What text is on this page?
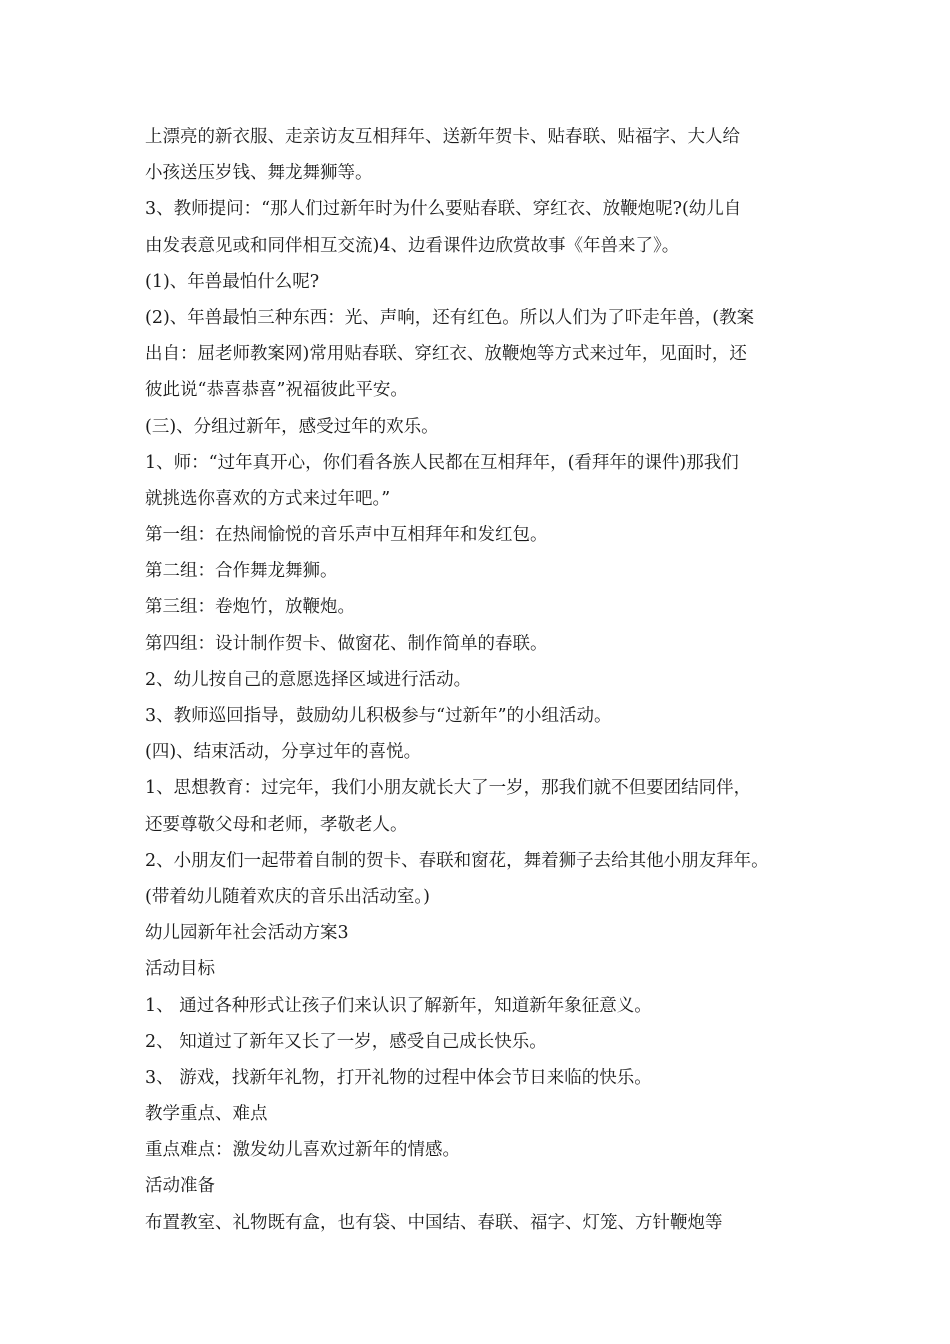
上漂亮的新衣服、走亲访友互相拜年、送新年贺卡、贴春联、贴福字、大人给
小孩送压岁钱、舞龙舞狮等。
3、教师提问：“那人们过新年时为什么要贴春联、穿红衣、放鞭炮呢?(幼儿自
由发表意见或和同伴相互交流)4、边看课件边欣赏故事《年兽来了》。
(1)、年兽最怕什么呢?
(2)、年兽最怕三种东西：光、声响，还有红色。所以人们为了吓走年兽，(教案
出自：屈老师教案网)常用贴春联、穿红衣、放鞭炮等方式来过年，见面时，还
彼此说“恭喜恭喜”祝福彼此平安。
(三)、分组过新年，感受过年的欢乐。
1、师：“过年真开心，你们看各族人民都在互相拜年，(看拜年的课件)那我们
就挑选你喜欢的方式来过年吧。”
第一组：在热闹愉悦的音乐声中互相拜年和发红包。
第二组：合作舞龙舞狮。
第三组：卷炮竹，放鞭炮。
第四组：设计制作贺卡、做窗花、制作简单的春联。
2、幼儿按自己的意愿选择区域进行活动。
3、教师巡回指导，鼓励幼儿积极参与“过新年”的小组活动。
(四)、结束活动，分享过年的喜悦。
1、思想教育：过完年，我们小朋友就长大了一岁，那我们就不但要团结同伴，
还要尊敬父母和老师，孝敬老人。
2、小朋友们一起带着自制的贺卡、春联和窗花，舞着狮子去给其他小朋友拜年。
(带着幼儿随着欢庆的音乐出活动室。)
幼儿园新年社会活动方案3
活动目标
1、 通过各种形式让孩子们来认识了解新年，知道新年象征意义。
2、 知道过了新年又长了一岁，感受自己成长快乐。
3、 游戏，找新年礼物，打开礼物的过程中体会节日来临的快乐。
教学重点、难点
重点难点：激发幼儿喜欢过新年的情感。
活动准备
布置教室、礼物既有盒，也有袋、中国结、春联、福字、灯笼、方针鞭炮等
